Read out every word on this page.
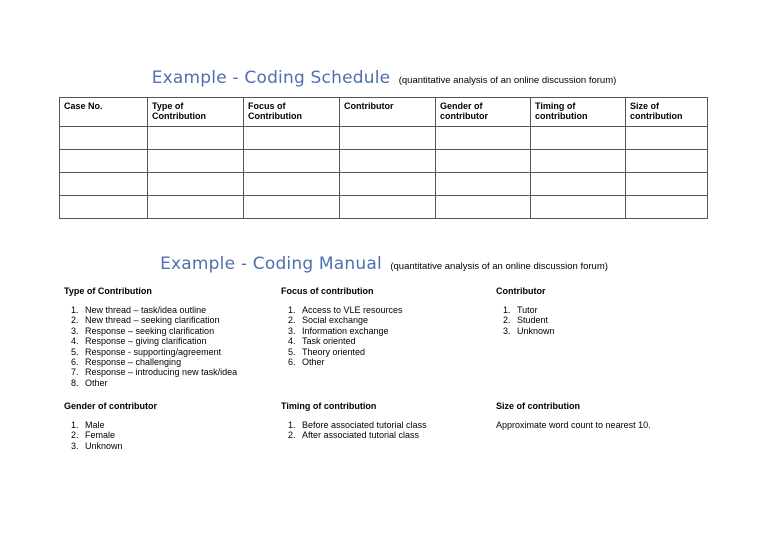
Example - Coding Schedule (quantitative analysis of an online discussion forum)
Case No.	Type of Contribution	Focus of Contribution	Contributor	Gender of contributor	Timing of contribution	Size of contribution

Example - Coding Manual (quantitative analysis of an online discussion forum)
Type of Contribution
1. New thread – task/idea outline
2. New thread – seeking clarification
3. Response – seeking clarification
4. Response – giving clarification
5. Response - supporting/agreement
6. Response – challenging
7. Response – introducing new task/idea
8. Other
Focus of contribution
1. Access to VLE resources
2. Social exchange
3. Information exchange
4. Task oriented
5. Theory oriented
6. Other
Contributor
1. Tutor
2. Student
3. Unknown
Gender of contributor
1. Male
2. Female
3. Unknown
Timing of contribution
1. Before associated tutorial class
2. After associated tutorial class
Size of contribution

Approximate word count to nearest 10.
